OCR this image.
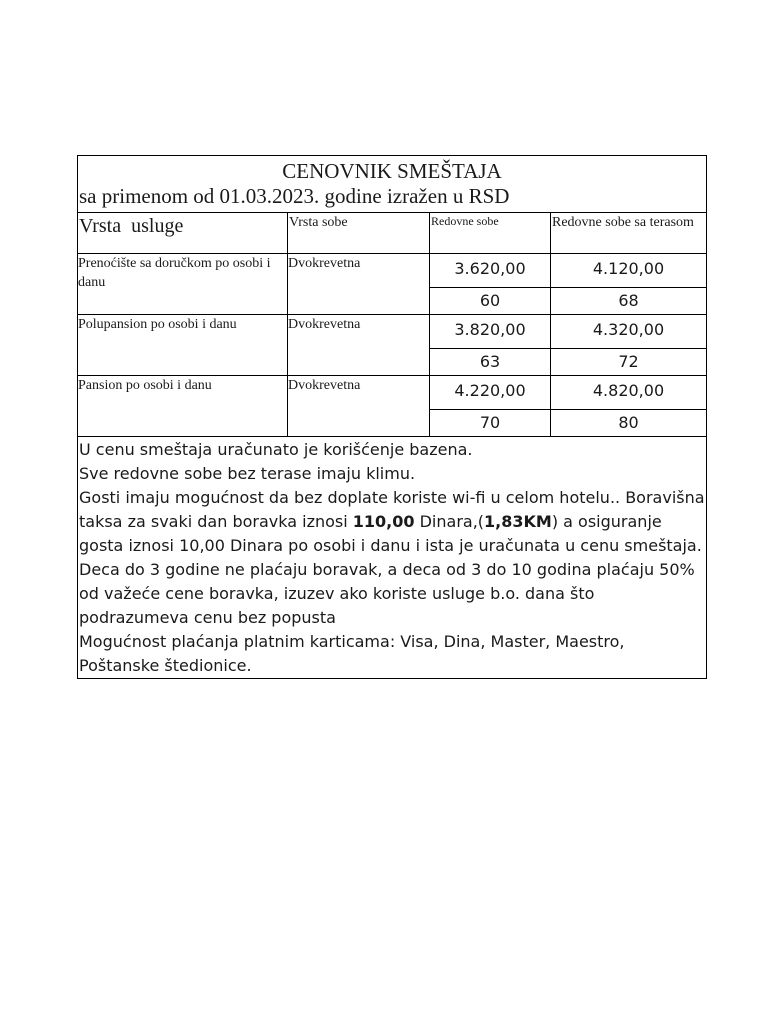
CENOVNIK SMEŠTAJA
sa primenom od 01.03.2023. godine izražen u RSD			

Vrsta  usluge	Vrsta sobe	Redovne sobe	Redovne sobe sa terasom

Prenoćište sa doručkom po osobi i danu	Dvokrevetna	3.620,00	4.120,00

		60	68

Polupansion po osobi i danu	Dvokrevetna	3.820,00	4.320,00

		63	72

Pansion po osobi i danu	Dvokrevetna	4.220,00	4.820,00

		70	80

U cenu smeštaja uračunato je korišćenje bazena.

Sve redovne sobe bez terase imaju klimu.

Gosti imaju mogućnost da bez doplate koriste wi-fi u celom hotelu.. Boravišna taksa za svaki dan boravka iznosi 110,00 Dinara,(1,83KM) a osiguranje gosta iznosi 10,00 Dinara po osobi i danu i ista je uračunata u cenu smeštaja.

Deca do 3 godine ne plaćaju boravak, a deca od 3 do 10 godina plaćaju 50% od važeće cene boravka, izuzev ako koriste usluge b.o. dana što podrazumeva cenu bez popusta

Mogućnost plaćanja platnim karticama: Visa, Dina, Master, Maestro, Poštanske štedionice.			
